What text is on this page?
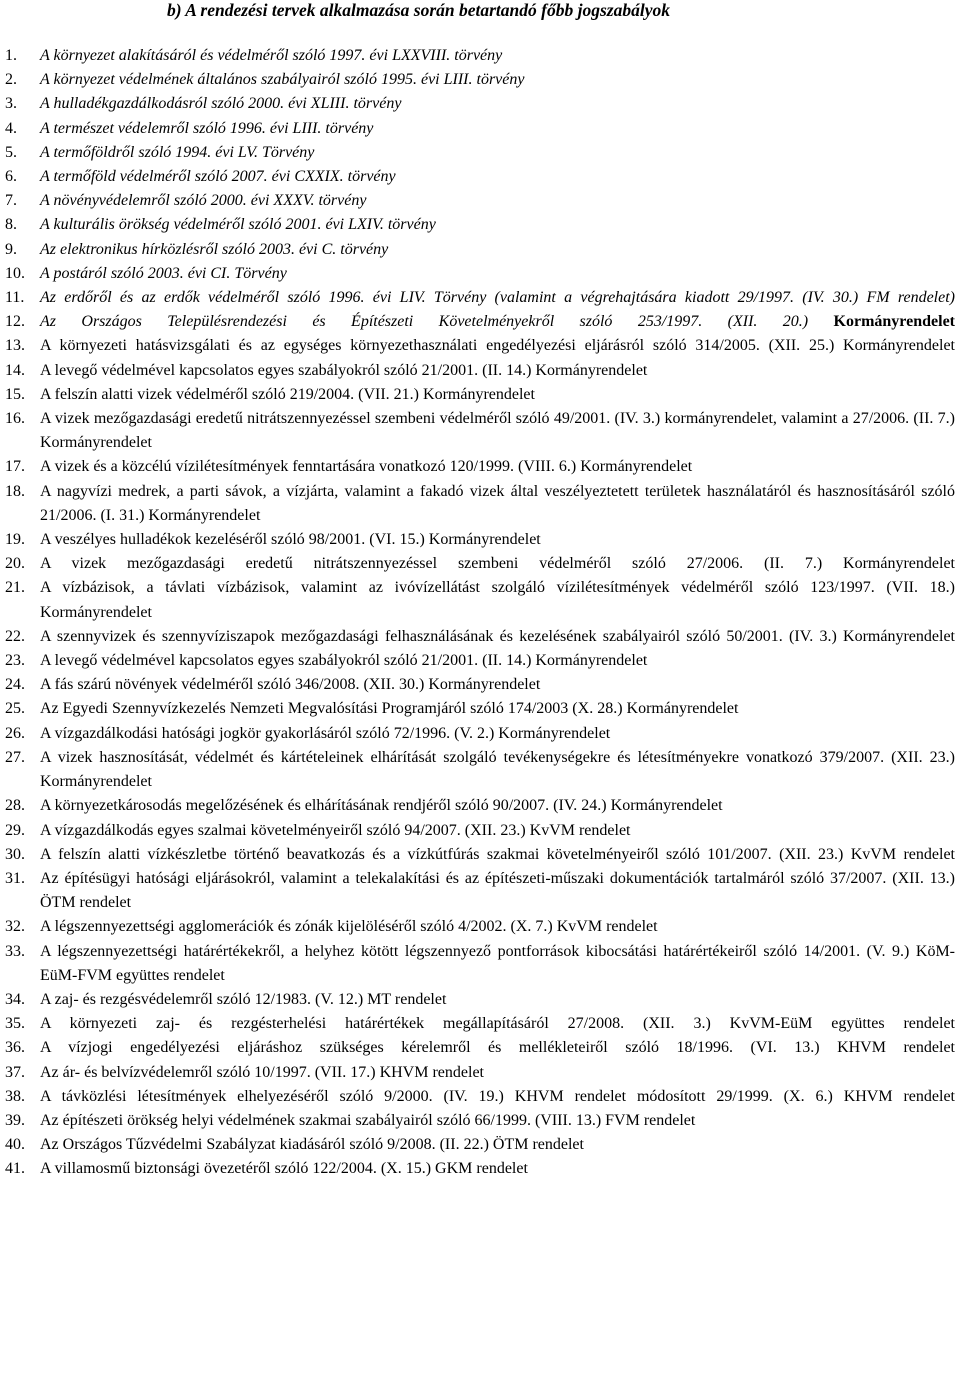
b) A rendezési tervek alkalmazása során betartandó főbb jogszabályok
1. A környezet alakításáról és védelméről szóló 1997. évi LXXVIII. törvény
2. A környezet védelmének általános szabályairól szóló 1995. évi LIII. törvény
3. A hulladékgazdálkodásról szóló 2000. évi XLIII. törvény
4. A természet védelemről szóló 1996. évi LIII. törvény
5. A termőföldről szóló 1994. évi LV. Törvény
6. A termőföld védelméről szóló 2007. évi CXXIX. törvény
7. A növényvédelemről szóló 2000. évi XXXV. törvény
8. A kulturális örökség védelméről szóló 2001. évi LXIV. törvény
9. Az elektronikus hírközlésről szóló 2003. évi C. törvény
10. A postáról szóló 2003. évi CI. Törvény
11. Az erdőről és az erdők védelméről szóló 1996. évi LIV. Törvény (valamint a végrehajtására kiadott 29/1997. (IV. 30.) FM rendelet)
12. Az Országos Településrendezési és Építészeti Követelményekről szóló 253/1997. (XII. 20.) Kormányrendelet
13. A környezeti hatásvizsgálati és az egységes környezethasználati engedélyezési eljárásról szóló 314/2005. (XII. 25.) Kormányrendelet
14. A levegő védelmével kapcsolatos egyes szabályokról szóló 21/2001. (II. 14.) Kormányrendelet
15. A felszín alatti vizek védelméről szóló 219/2004. (VII. 21.) Kormányrendelet
16. A vizek mezőgazdasági eredetű nitrátszennyezéssel szembeni védelméről szóló 49/2001. (IV. 3.) kormányrendelet, valamint a 27/2006. (II. 7.) Kormányrendelet
17. A vizek és a közcélú vízilétesítmények fenntartására vonatkozó 120/1999. (VIII. 6.) Kormányrendelet
18. A nagyvízi medrek, a parti sávok, a vízjárta, valamint a fakadó vizek által veszélyeztetett területek használatáról és hasznosításáról szóló 21/2006. (I. 31.) Kormányrendelet
19. A veszélyes hulladékok kezeléséről szóló 98/2001. (VI. 15.) Kormányrendelet
20. A vizek mezőgazdasági eredetű nitrátszennyezéssel szembeni védelméről szóló 27/2006. (II. 7.) Kormányrendelet
21. A vízbázisok, a távlati vízbázisok, valamint az ivóvízellátást szolgáló vízilétesítmények védelméről szóló 123/1997. (VII. 18.) Kormányrendelet
22. A szennyvizek és szennyvíziszapok mezőgazdasági felhasználásának és kezelésének szabályairól szóló 50/2001. (IV. 3.) Kormányrendelet
23. A levegő védelmével kapcsolatos egyes szabályokról szóló 21/2001. (II. 14.) Kormányrendelet
24. A fás szárú növények védelméről szóló 346/2008. (XII. 30.) Kormányrendelet
25. Az Egyedi Szennyvízkezelés Nemzeti Megvalósítási Programjáról szóló 174/2003 (X. 28.) Kormányrendelet
26. A vízgazdálkodási hatósági jogkör gyakorlásáról szóló 72/1996. (V. 2.) Kormányrendelet
27. A vizek hasznosítását, védelmét és kártételeinek elhárítását szolgáló tevékenységekre és létesítményekre vonatkozó 379/2007. (XII. 23.) Kormányrendelet
28. A környezetkárosodás megelőzésének és elhárításának rendjéről szóló 90/2007. (IV. 24.) Kormányrendelet
29. A vízgazdálkodás egyes szalmai követelményeiről szóló 94/2007. (XII. 23.) KvVM rendelet
30. A felszín alatti vízkészletbe történő beavatkozás és a vízkútfúrás szakmai követelményeiről szóló 101/2007. (XII. 23.) KvVM rendelet
31. Az építésügyi hatósági eljárásokról, valamint a telekalakítási és az építészeti-műszaki dokumentációk tartalmáról szóló 37/2007. (XII. 13.) ÖTM rendelet
32. A légszennyezettségi agglomerációk és zónák kijelöléséről szóló 4/2002. (X. 7.) KvVM rendelet
33. A légszennyezettségi határértékekről, a helyhez kötött légszennyező pontforrások kibocsátási határértékeiről szóló 14/2001. (V. 9.) KöM-EüM-FVM együttes rendelet
34. A zaj- és rezgésvédelemről szóló 12/1983. (V. 12.) MT rendelet
35. A környezeti zaj- és rezgésterhelési határértékek megállapításáról 27/2008. (XII. 3.) KvVM-EüM együttes rendelet
36. A vízjogi engedélyezési eljáráshoz szükséges kérelemről és mellékleteiről szóló 18/1996. (VI. 13.) KHVM rendelet
37. Az ár- és belvízvédelemről szóló 10/1997. (VII. 17.) KHVM rendelet
38. A távközlési létesítmények elhelyezéséről szóló 9/2000. (IV. 19.) KHVM rendelet módosított 29/1999. (X. 6.) KHVM rendelet
39. Az építészeti örökség helyi védelmének szakmai szabályairól szóló 66/1999. (VIII. 13.) FVM rendelet
40. Az Országos Tűzvédelmi Szabályzat kiadásáról szóló 9/2008. (II. 22.) ÖTM rendelet
41. A villamosmű biztonsági övezetéről szóló 122/2004. (X. 15.) GKM rendelet
